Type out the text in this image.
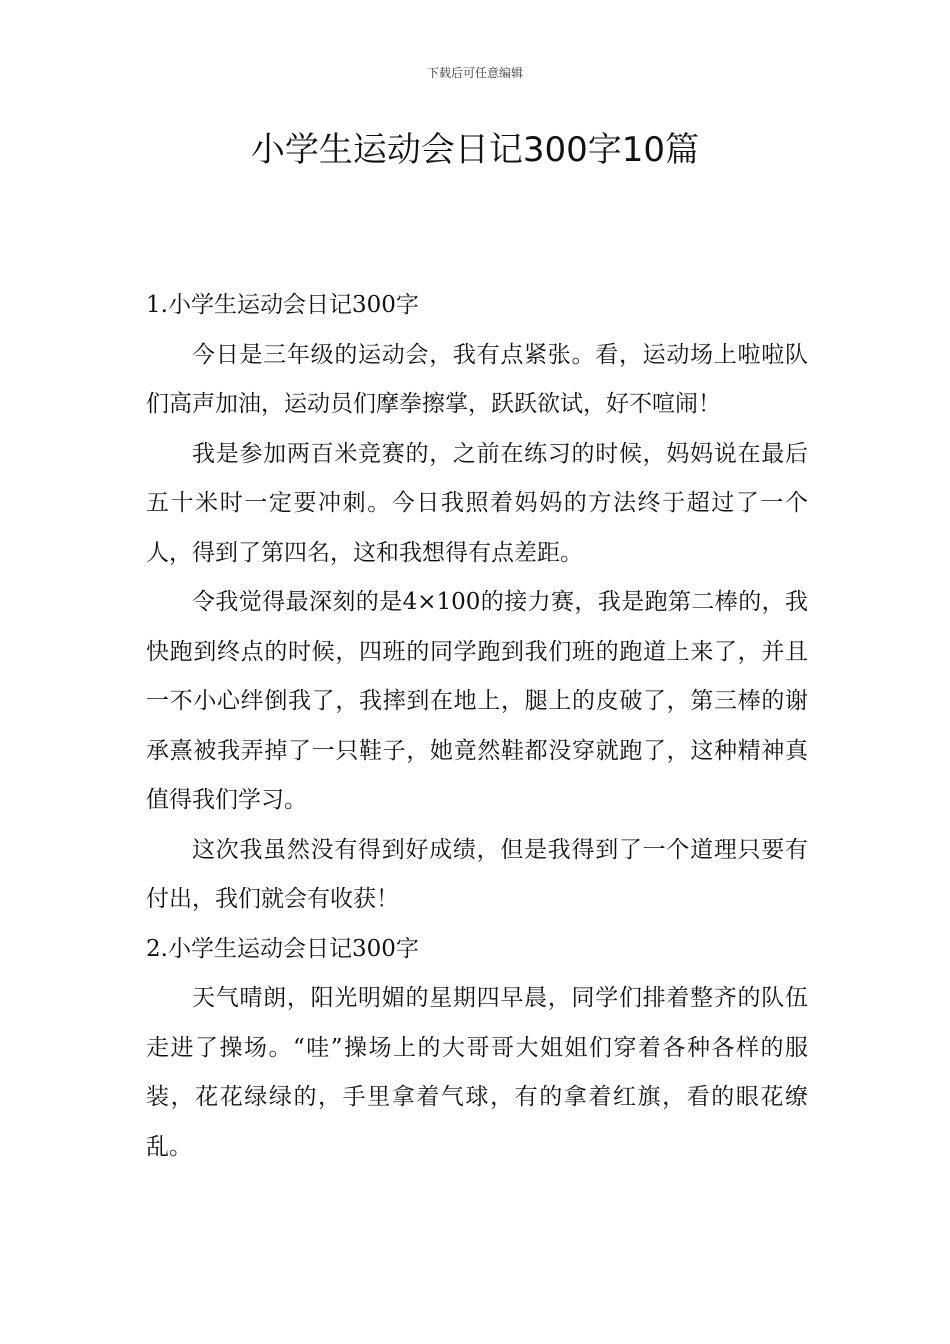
下载后可任意编辑
小学生运动会日记300字10篇
1.小学生运动会日记300字

今日是三年级的运动会，我有点紧张。看，运动场上啦啦队们高声加油，运动员们摩拳擦掌，跃跃欲试，好不喧闹！

我是参加两百米竞赛的，之前在练习的时候，妈妈说在最后五十米时一定要冲刺。今日我照着妈妈的方法终于超过了一个人，得到了第四名，这和我想得有点差距。

令我觉得最深刻的是4×100的接力赛，我是跑第二棒的，我快跑到终点的时候，四班的同学跑到我们班的跑道上来了，并且一不小心绊倒我了，我摔到在地上，腿上的皮破了，第三棒的谢承熹被我弄掉了一只鞋子，她竟然鞋都没穿就跑了，这种精神真值得我们学习。

这次我虽然没有得到好成绩，但是我得到了一个道理只要有付出，我们就会有收获！

2.小学生运动会日记300字

天气晴朗，阳光明媚的星期四早晨，同学们排着整齐的队伍走进了操场。“哇”操场上的大哥哥大姐姐们穿着各种各样的服装，花花绿绿的，手里拿着气球，有的拿着红旗，看的眼花缭乱。
